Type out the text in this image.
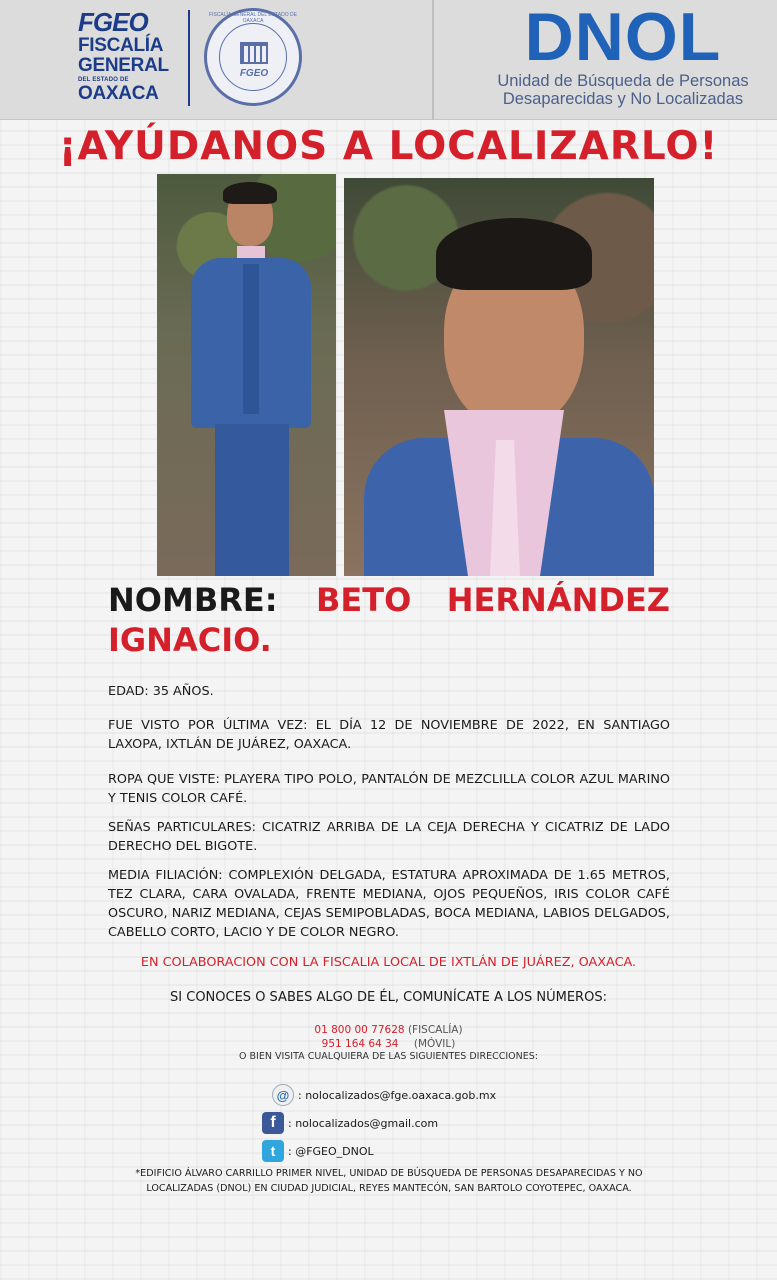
FGEO
FISCALÍA
GENERAL
DEL ESTADO DE
OAXACA
FISCALÍA GENERAL DEL ESTADO DE OAXACA
FGEO	DNOL
Unidad de Búsqueda de Personas
Desaparecidas y No Localizadas
¡AYÚDANOS A LOCALIZARLO!
NOMBRE: BETO HERNÁNDEZ
IGNACIO.
EDAD: 35 AÑOS.
FUE VISTO POR ÚLTIMA VEZ: EL DÍA 12 DE NOVIEMBRE DE 2022, EN SANTIAGO LAXOPA, IXTLÁN DE JUÁREZ, OAXACA.
ROPA QUE VISTE: PLAYERA TIPO POLO, PANTALÓN DE MEZCLILLA COLOR AZUL MARINO Y TENIS COLOR CAFÉ.
SEÑAS PARTICULARES: CICATRIZ ARRIBA DE LA CEJA DERECHA Y CICATRIZ DE LADO DERECHO DEL BIGOTE.
MEDIA FILIACIÓN: COMPLEXIÓN DELGADA, ESTATURA APROXIMADA DE 1.65 METROS, TEZ CLARA, CARA OVALADA, FRENTE MEDIANA, OJOS PEQUEÑOS, IRIS COLOR CAFÉ OSCURO, NARIZ MEDIANA, CEJAS SEMIPOBLADAS, BOCA MEDIANA, LABIOS DELGADOS, CABELLO CORTO, LACIO Y DE COLOR NEGRO.
EN COLABORACION CON LA FISCALIA LOCAL DE IXTLÁN DE JUÁREZ, OAXACA.
SI CONOCES O SABES ALGO DE ÉL, COMUNÍCATE A LOS NÚMEROS:
01 800 00 77628 (FISCALÍA)
951 164 64 34 (MÓVIL)
O BIEN VISITA CUALQUIERA DE LAS SIGUIENTES DIRECCIONES:
@ : nolocalizados@fge.oaxaca.gob.mx
f	: nolocalizados@gmail.com
t	: @FGEO_DNOL
*EDIFICIO ÁLVARO CARRILLO PRIMER NIVEL, UNIDAD DE BÚSQUEDA DE PERSONAS DESAPARECIDAS Y NO LOCALIZADAS (DNOL) EN CIUDAD JUDICIAL, REYES MANTECÓN, SAN BARTOLO COYOTEPEC, OAXACA.
